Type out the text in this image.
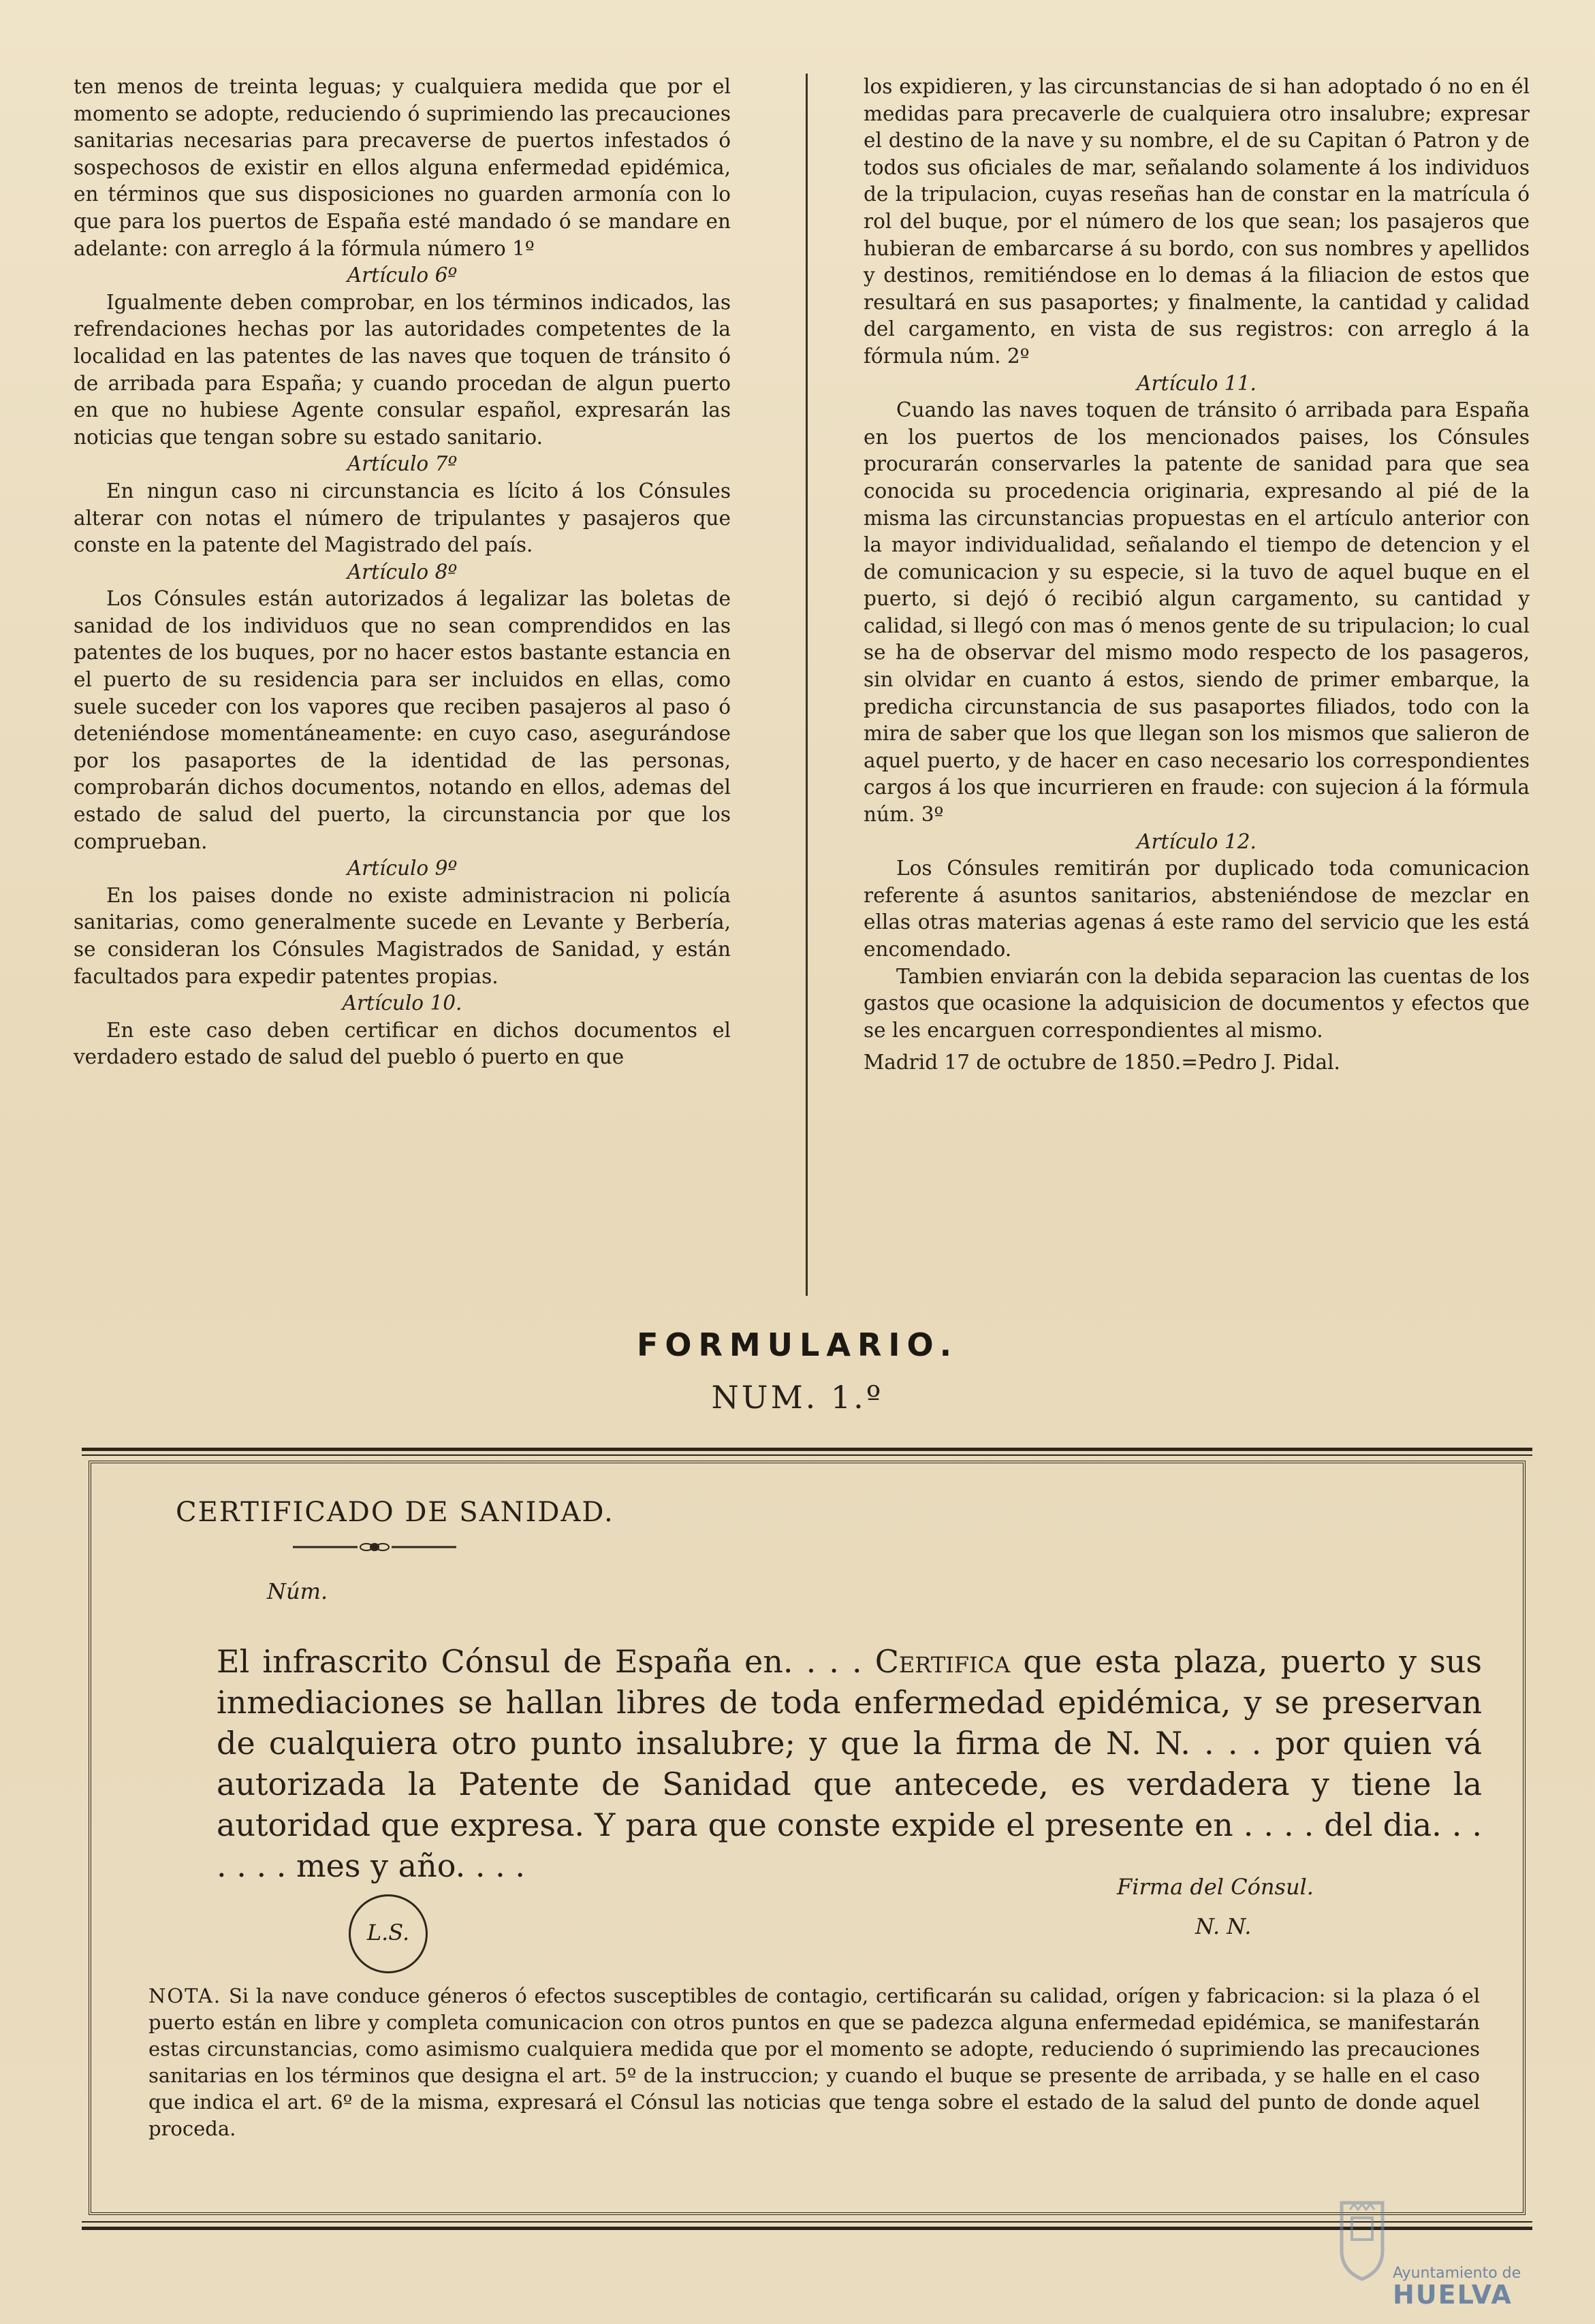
ten menos de treinta leguas; y cualquiera medida que por el momento se adopte, reduciendo ó suprimiendo las precauciones sanitarias necesarias para precaverse de puertos infestados ó sospechosos de existir en ellos alguna enfermedad epidémica, en términos que sus disposiciones no guarden armonía con lo que para los puertos de España esté mandado ó se mandare en adelante: con arreglo á la fórmula número 1º

Artículo 6º

Igualmente deben comprobar, en los términos indicados, las refrendaciones hechas por las autoridades competentes de la localidad en las patentes de las naves que toquen de tránsito ó de arribada para España; y cuando procedan de algun puerto en que no hubiese Agente consular español, expresarán las noticias que tengan sobre su estado sanitario.

Artículo 7º

En ningun caso ni circunstancia es lícito á los Cónsules alterar con notas el número de tripulantes y pasajeros que conste en la patente del Magistrado del país.

Artículo 8º

Los Cónsules están autorizados á legalizar las boletas de sanidad de los individuos que no sean comprendidos en las patentes de los buques, por no hacer estos bastante estancia en el puerto de su residencia para ser incluidos en ellas, como suele suceder con los vapores que reciben pasajeros al paso ó deteniéndose momentáneamente: en cuyo caso, asegurándose por los pasaportes de la identidad de las personas, comprobarán dichos documentos, notando en ellos, ademas del estado de salud del puerto, la circunstancia por que los comprueban.

Artículo 9º

En los paises donde no existe administracion ni policía sanitarias, como generalmente sucede en Levante y Berbería, se consideran los Cónsules Magistrados de Sanidad, y están facultados para expedir patentes propias.

Artículo 10.

En este caso deben certificar en dichos documentos el verdadero estado de salud del pueblo ó puerto en que

los expidieren, y las circunstancias de si han adoptado ó no en él medidas para precaverle de cualquiera otro insalubre; expresar el destino de la nave y su nombre, el de su Capitan ó Patron y de todos sus oficiales de mar, señalando solamente á los individuos de la tripulacion, cuyas reseñas han de constar en la matrícula ó rol del buque, por el número de los que sean; los pasajeros que hubieran de embarcarse á su bordo, con sus nombres y apellidos y destinos, remitiéndose en lo demas á la filiacion de estos que resultará en sus pasaportes; y finalmente, la cantidad y calidad del cargamento, en vista de sus registros: con arreglo á la fórmula núm. 2º

Artículo 11.

Cuando las naves toquen de tránsito ó arribada para España en los puertos de los mencionados paises, los Cónsules procurarán conservarles la patente de sanidad para que sea conocida su procedencia originaria, expresando al pié de la misma las circunstancias propuestas en el artículo anterior con la mayor individualidad, señalando el tiempo de detencion y el de comunicacion y su especie, si la tuvo de aquel buque en el puerto, si dejó ó recibió algun cargamento, su cantidad y calidad, si llegó con mas ó menos gente de su tripulacion; lo cual se ha de observar del mismo modo respecto de los pasageros, sin olvidar en cuanto á estos, siendo de primer embarque, la predicha circunstancia de sus pasaportes filiados, todo con la mira de saber que los que llegan son los mismos que salieron de aquel puerto, y de hacer en caso necesario los correspondientes cargos á los que incurrieren en fraude: con sujecion á la fórmula núm. 3º

Artículo 12.

Los Cónsules remitirán por duplicado toda comunicacion referente á asuntos sanitarios, absteniéndose de mezclar en ellas otras materias agenas á este ramo del servicio que les está encomendado.

Tambien enviarán con la debida separacion las cuentas de los gastos que ocasione la adquisicion de documentos y efectos que se les encarguen correspondientes al mismo.

Madrid 17 de octubre de 1850.=Pedro J. Pidal.

FORMULARIO.
NUM. 1.º
CERTIFICADO DE SANIDAD.
Núm.
El infrascrito Cónsul de España en. . . . Certifica que esta plaza, puerto y sus inmediaciones se hallan libres de toda enfermedad epidémica, y se preservan de cualquiera otro punto insalubre; y que la firma de N. N. . . . por quien vá autorizada la Patente de Sanidad que antecede, es verdadera y tiene la autoridad que expresa. Y para que conste expide el presente en . . . . del dia. . . . . . . mes y año. . . .
L.S.
Firma del Cónsul.
N. N.
NOTA. Si la nave conduce géneros ó efectos susceptibles de contagio, certificarán su calidad, orígen y fabricacion: si la plaza ó el puerto están en libre y completa comunicacion con otros puntos en que se padezca alguna enfermedad epidémica, se manifestarán estas circunstancias, como asimismo cualquiera medida que por el momento se adopte, reduciendo ó suprimiendo las precauciones sanitarias en los términos que designa el art. 5º de la instruccion; y cuando el buque se presente de arribada, y se halle en el caso que indica el art. 6º de la misma, expresará el Cónsul las noticias que tenga sobre el estado de la salud del punto de donde aquel proceda.
Ayuntamiento de
HUELVA
